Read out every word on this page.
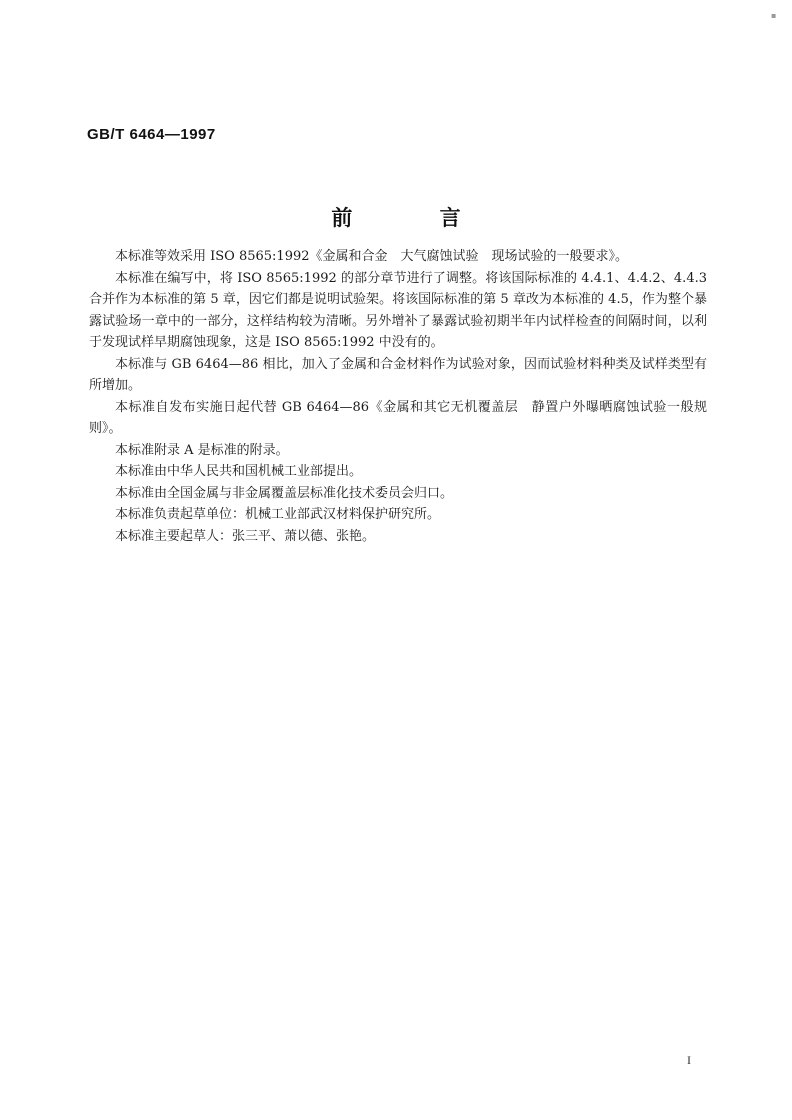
▪
GB/T 6464—1997
前 言

本标准等效采用 ISO 8565:1992《金属和合金　大气腐蚀试验　现场试验的一般要求》。

本标准在编写中，将 ISO 8565:1992 的部分章节进行了调整。将该国际标准的 4.4.1、4.4.2、4.4.3 合并作为本标准的第 5 章，因它们都是说明试验架。将该国际标准的第 5 章改为本标准的 4.5，作为整个暴露试验场一章中的一部分，这样结构较为清晰。另外增补了暴露试验初期半年内试样检查的间隔时间，以利于发现试样早期腐蚀现象，这是 ISO 8565:1992 中没有的。

本标准与 GB 6464—86 相比，加入了金属和合金材料作为试验对象，因而试验材料种类及试样类型有所增加。

本标准自发布实施日起代替 GB 6464—86《金属和其它无机覆盖层　静置户外曝晒腐蚀试验一般规则》。

本标准附录 A 是标准的附录。

本标准由中华人民共和国机械工业部提出。

本标准由全国金属与非金属覆盖层标准化技术委员会归口。

本标准负责起草单位：机械工业部武汉材料保护研究所。

本标准主要起草人：张三平、萧以德、张艳。

I
